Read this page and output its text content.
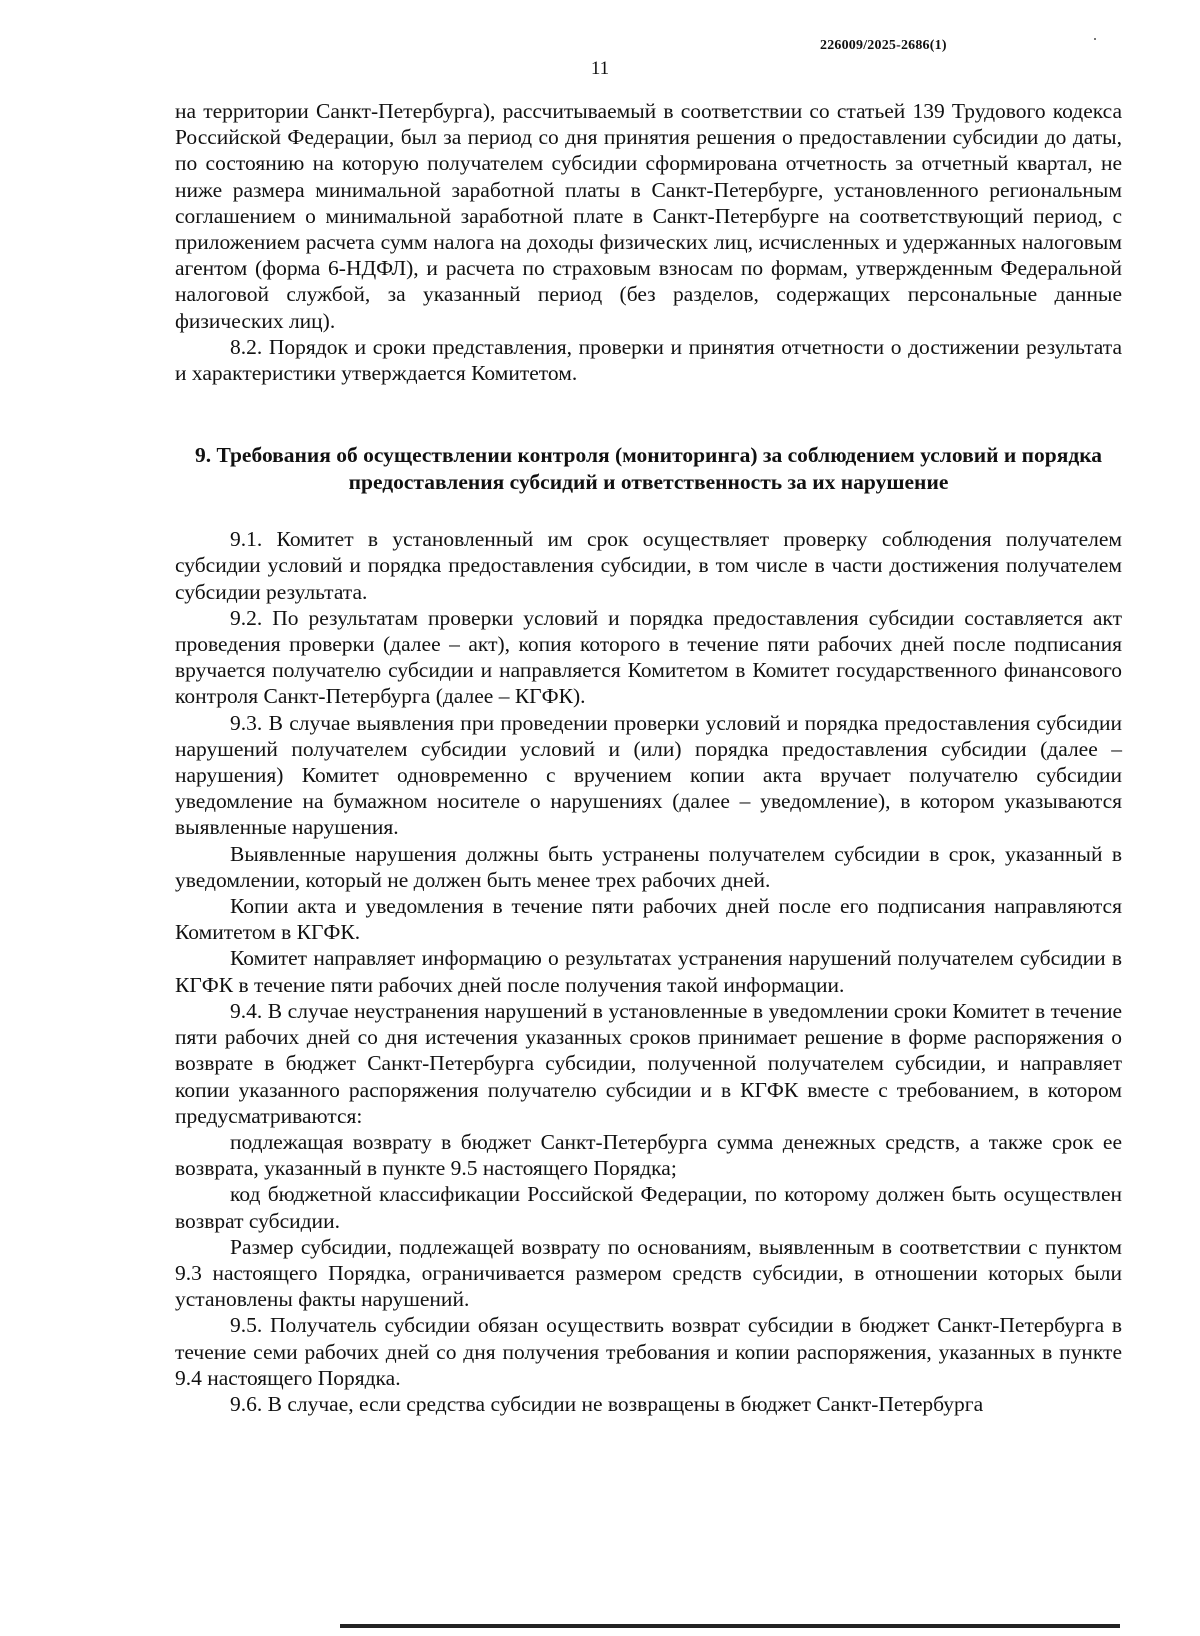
226009/2025-2686(1)
11

на территории Санкт-Петербурга), рассчитываемый в соответствии со статьей 139 Трудового кодекса Российской Федерации, был за период со дня принятия решения о предоставлении субсидии до даты, по состоянию на которую получателем субсидии сформирована отчетность за отчетный квартал, не ниже размера минимальной заработной платы в Санкт-Петербурге, установленного региональным соглашением о минимальной заработной плате в Санкт-Петербурге на соответствующий период, с приложением расчета сумм налога на доходы физических лиц, исчисленных и удержанных налоговым агентом (форма 6-НДФЛ), и расчета по страховым взносам по формам, утвержденным Федеральной налоговой службой, за указанный период (без разделов, содержащих персональные данные физических лиц).

8.2. Порядок и сроки представления, проверки и принятия отчетности о достижении результата и характеристики утверждается Комитетом.

9. Требования об осуществлении контроля (мониторинга) за соблюдением условий и порядка предоставления субсидий и ответственность за их нарушение

9.1. Комитет в установленный им срок осуществляет проверку соблюдения получателем субсидии условий и порядка предоставления субсидии, в том числе в части достижения получателем субсидии результата.

9.2. По результатам проверки условий и порядка предоставления субсидии составляется акт проведения проверки (далее – акт), копия которого в течение пяти рабочих дней после подписания вручается получателю субсидии и направляется Комитетом в Комитет государственного финансового контроля Санкт-Петербурга (далее – КГФК).

9.3. В случае выявления при проведении проверки условий и порядка предоставления субсидии нарушений получателем субсидии условий и (или) порядка предоставления субсидии (далее – нарушения) Комитет одновременно с вручением копии акта вручает получателю субсидии уведомление на бумажном носителе о нарушениях (далее – уведомление), в котором указываются выявленные нарушения.

Выявленные нарушения должны быть устранены получателем субсидии в срок, указанный в уведомлении, который не должен быть менее трех рабочих дней.

Копии акта и уведомления в течение пяти рабочих дней после его подписания направляются Комитетом в КГФК.

Комитет направляет информацию о результатах устранения нарушений получателем субсидии в КГФК в течение пяти рабочих дней после получения такой информации.

9.4. В случае неустранения нарушений в установленные в уведомлении сроки Комитет в течение пяти рабочих дней со дня истечения указанных сроков принимает решение в форме распоряжения о возврате в бюджет Санкт-Петербурга субсидии, полученной получателем субсидии, и направляет копии указанного распоряжения получателю субсидии и в КГФК вместе с требованием, в котором предусматриваются:

подлежащая возврату в бюджет Санкт-Петербурга сумма денежных средств, а также срок ее возврата, указанный в пункте 9.5 настоящего Порядка;

код бюджетной классификации Российской Федерации, по которому должен быть осуществлен возврат субсидии.

Размер субсидии, подлежащей возврату по основаниям, выявленным в соответствии с пунктом 9.3 настоящего Порядка, ограничивается размером средств субсидии, в отношении которых были установлены факты нарушений.

9.5. Получатель субсидии обязан осуществить возврат субсидии в бюджет Санкт-Петербурга в течение семи рабочих дней со дня получения требования и копии распоряжения, указанных в пункте 9.4 настоящего Порядка.

9.6. В случае, если средства субсидии не возвращены в бюджет Санкт-Петербурга
